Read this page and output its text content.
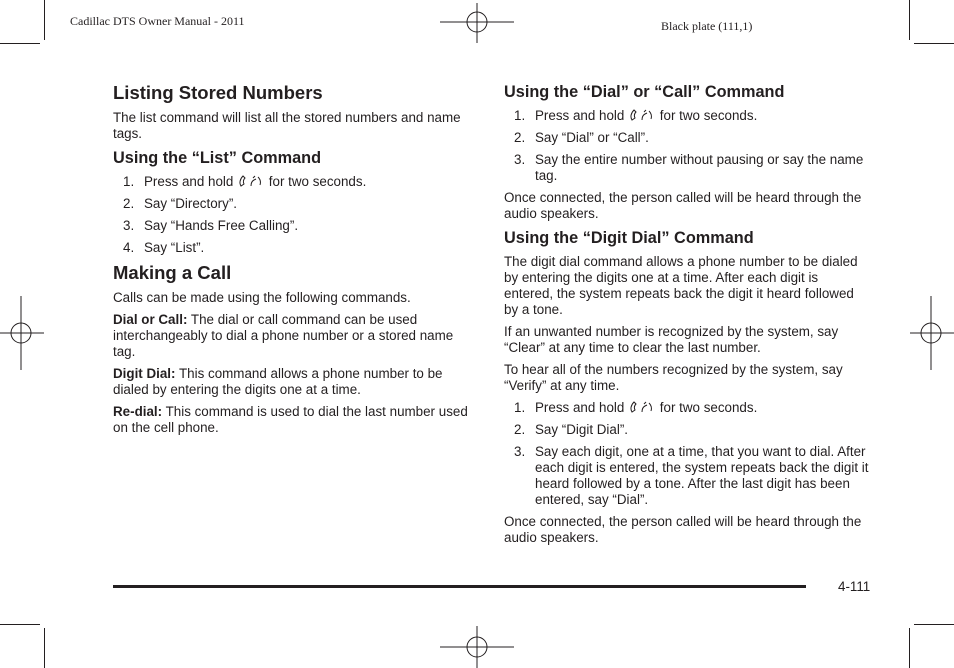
Cadillac DTS Owner Manual - 2011	Black plate (111,1)
Listing Stored Numbers

The list command will list all the stored numbers and name tags.

Using the “List” Command
1. Press and hold	for two seconds.
2. Say “Directory”.
3. Say “Hands Free Calling”.
4. Say “List”.
Making a Call

Calls can be made using the following commands.

Dial or Call: The dial or call command can be used interchangeably to dial a phone number or a stored name tag.

Digit Dial: This command allows a phone number to be dialed by entering the digits one at a time.

Re-dial: This command is used to dial the last number used on the cell phone.

Using the “Dial” or “Call” Command
1. Press and hold	for two seconds.
2. Say “Dial” or “Call”.
3. Say the entire number without pausing or say the name tag.

Once connected, the person called will be heard through the audio speakers.

Using the “Digit Dial” Command

The digit dial command allows a phone number to be dialed by entering the digits one at a time. After each digit is entered, the system repeats back the digit it heard followed by a tone.

If an unwanted number is recognized by the system, say “Clear” at any time to clear the last number.

To hear all of the numbers recognized by the system, say “Verify” at any time.

1. Press and hold	for two seconds.
2. Say “Digit Dial”.
3. Say each digit, one at a time, that you want to dial. After each digit is entered, the system repeats back the digit it heard followed by a tone. After the last digit has been entered, say “Dial”.

Once connected, the person called will be heard through the audio speakers.

4-111
